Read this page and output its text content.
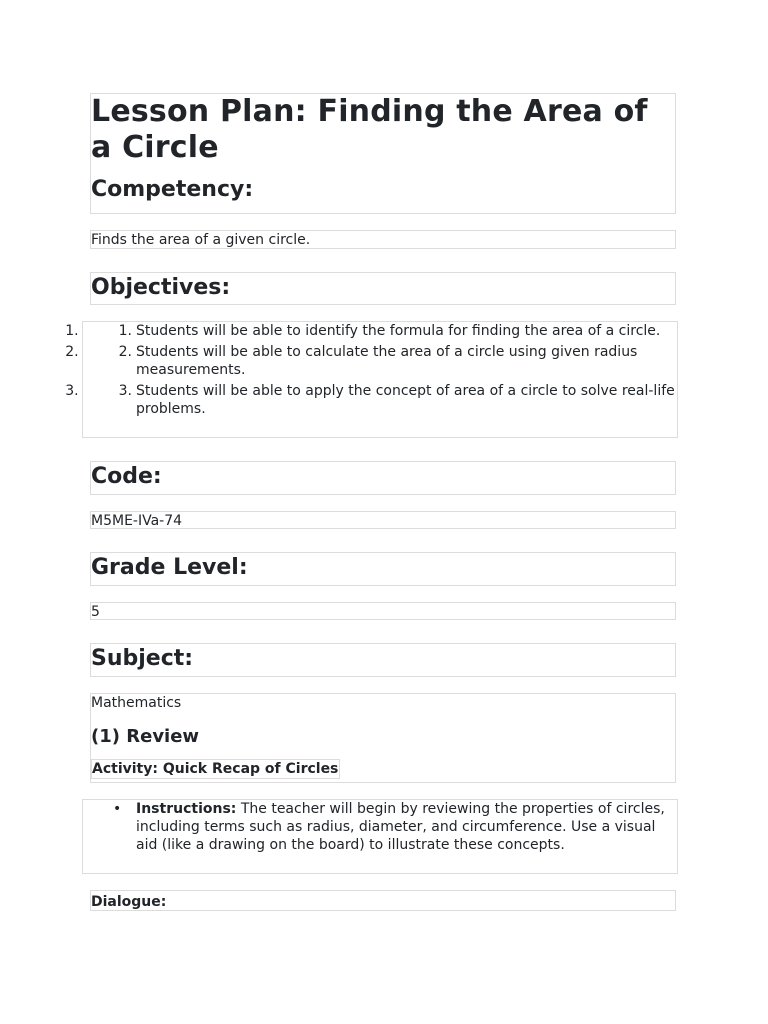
Lesson Plan: Finding the Area of a Circle
Competency:
Finds the area of a given circle.
Objectives:
1. 1. Students will be able to identify the formula for finding the area of a circle.
2. 2. Students will be able to calculate the area of a circle using given radius measurements.
3. 3. Students will be able to apply the concept of area of a circle to solve real-life problems.
Code:
M5ME-IVa-74
Grade Level:
5
Subject:
Mathematics
(1) Review
Activity: Quick Recap of Circles
• Instructions: The teacher will begin by reviewing the properties of circles, including terms such as radius, diameter, and circumference. Use a visual aid (like a drawing on the board) to illustrate these concepts.
Dialogue:
